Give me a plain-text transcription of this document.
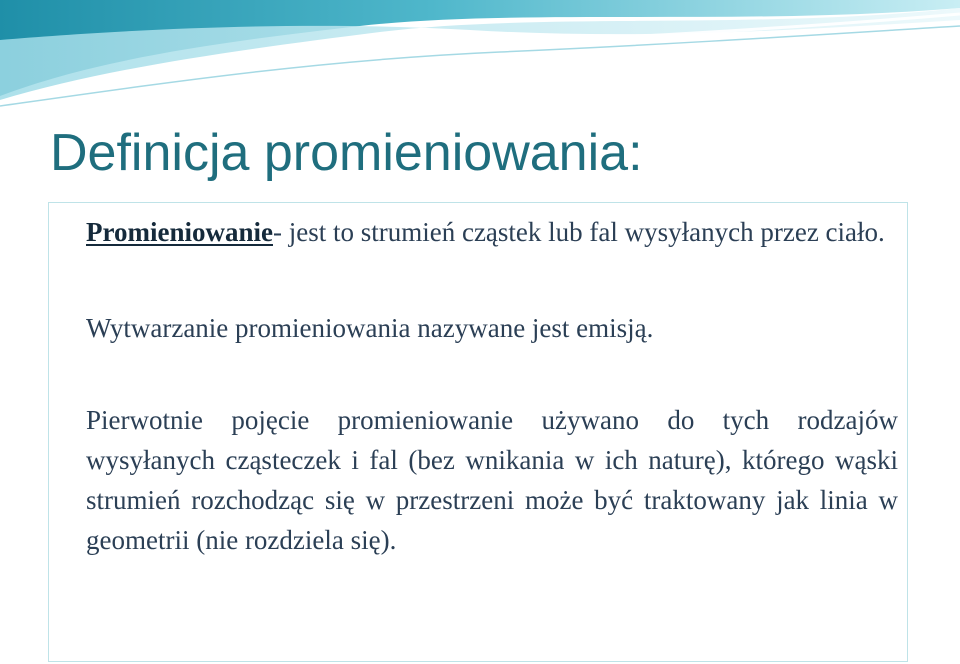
Definicja promieniowania:

Promieniowanie- jest to strumień cząstek lub fal wysyłanych przez ciało.

Wytwarzanie promieniowania nazywane jest emisją.

Pierwotnie pojęcie promieniowanie używano do tych rodzajów wysyłanych cząsteczek i fal (bez wnikania w ich naturę), którego wąski strumień rozchodząc się w przestrzeni może być traktowany jak linia w geometrii (nie rozdziela się).
